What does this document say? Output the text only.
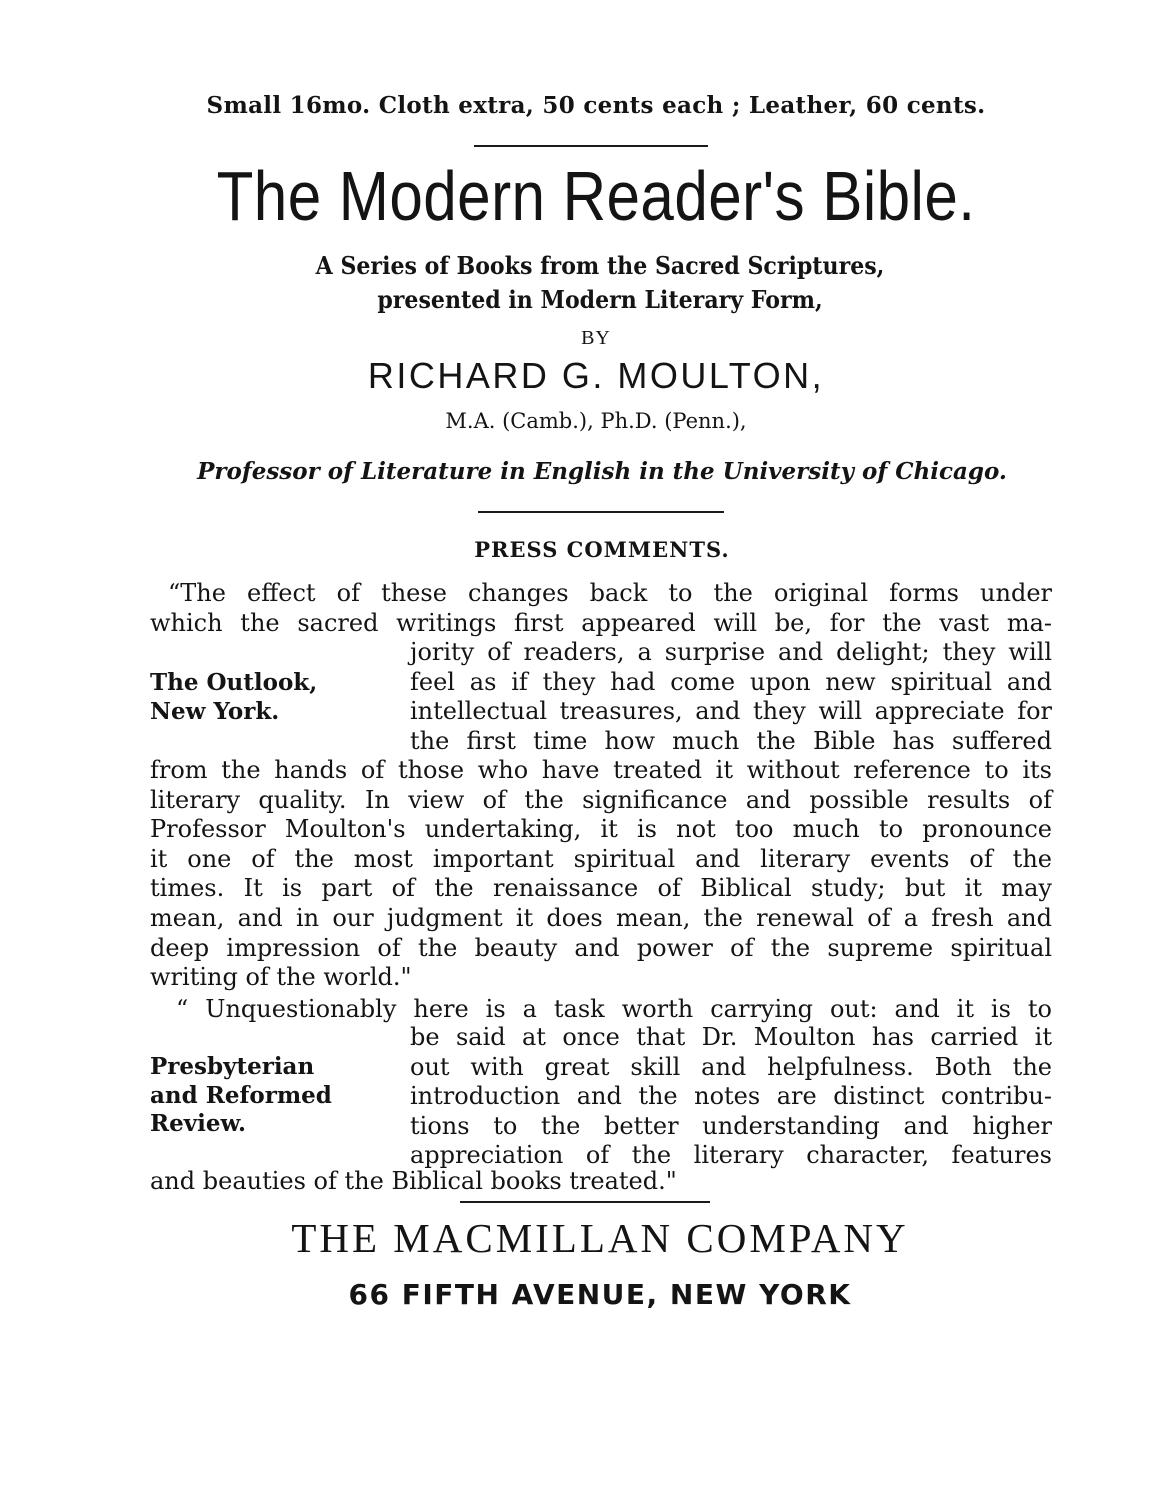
Small 16mo. Cloth extra, 50 cents each ; Leather, 60 cents.
The Modern Reader's Bible.
A Series of Books from the Sacred Scriptures,
presented in Modern Literary Form,
BY
RICHARD G. MOULTON,
M.A. (Camb.), Ph.D. (Penn.),
Professor of Literature in English in the University of Chicago.
PRESS COMMENTS.
“The effect of these changes back to the original forms under
which the sacred writings first appeared will be, for the vast ma-
jority of readers, a surprise and delight; they will
feel as if they had come upon new spiritual and
intellectual treasures, and they will appreciate for
the first time how much the Bible has suffered
The Outlook,
New York.
from the hands of those who have treated it without reference to its
literary quality. In view of the significance and possible results of
Professor Moulton's undertaking, it is not too much to pronounce
it one of the most important spiritual and literary events of the
times. It is part of the renaissance of Biblical study; but it may
mean, and in our judgment it does mean, the renewal of a fresh and
deep impression of the beauty and power of the supreme spiritual
writing of the world."
“ Unquestionably here is a task worth carrying out: and it is to
be said at once that Dr. Moulton has carried it
out with great skill and helpfulness. Both the
introduction and the notes are distinct contribu-
tions to the better understanding and higher
appreciation of the literary character, features
Presbyterian
and Reformed
Review.
and beauties of the Biblical books treated."
THE MACMILLAN COMPANY
66 FIFTH AVENUE, NEW YORK
